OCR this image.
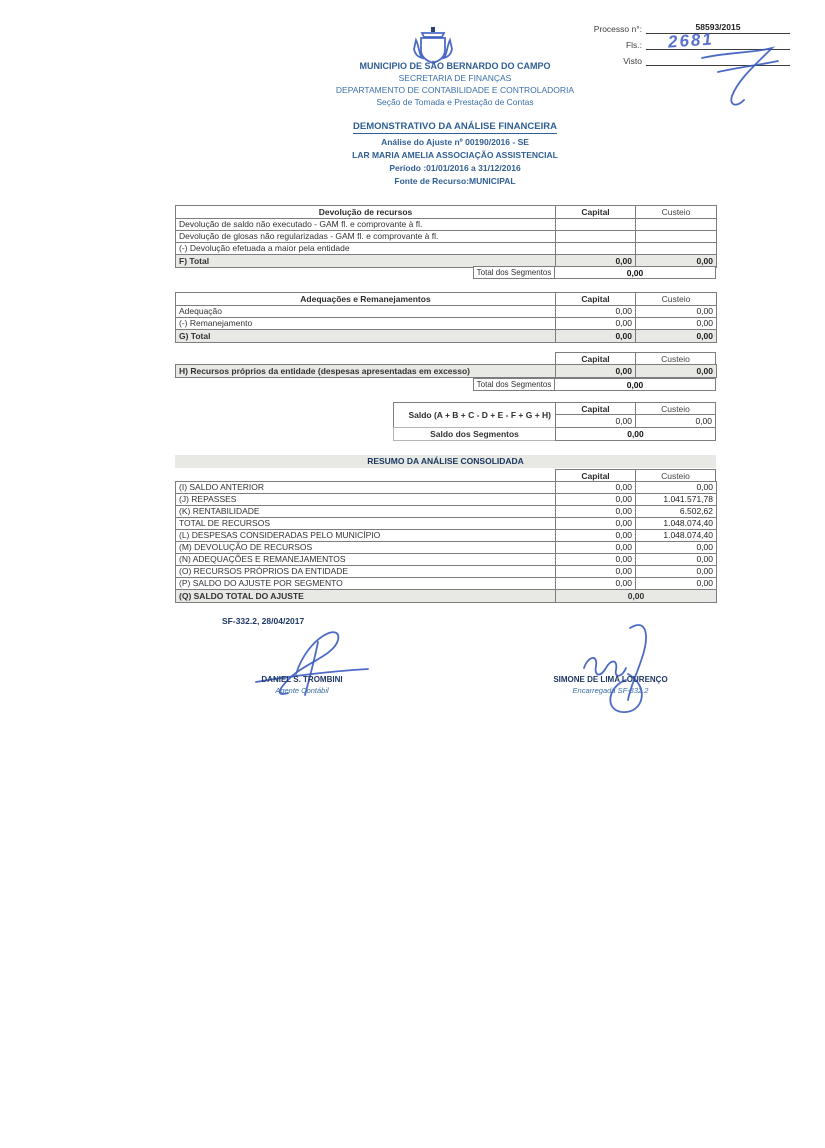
Processo n°:	58593/2015
Fls.:
Visto
2681
MUNICIPIO DE SÃO BERNARDO DO CAMPO
SECRETARIA DE FINANÇAS
DEPARTAMENTO DE CONTABILIDADE E CONTROLADORIA
Seção de Tomada e Prestação de Contas
DEMONSTRATIVO DA ANÁLISE FINANCEIRA
Análise do Ajuste nº 00190/2016 - SE
LAR MARIA AMELIA ASSOCIAÇÃO ASSISTENCIAL
Período :01/01/2016 a 31/12/2016
Fonte de Recurso:MUNICIPAL
Devolução de recursos	Capital	Custeio
Devolução de saldo não executado - GAM fl. e comprovante à fl.		
Devolução de glosas não regularizadas - GAM fl. e comprovante à fl.		
(-) Devolução efetuada a maior pela entidade		
F) Total	0,00	0,00
Total dos Segmentos	0,00
Adequações e Remanejamentos	Capital	Custeio
Adequação	0,00	0,00
(-) Remanejamento	0,00	0,00
G) Total	0,00	0,00
Capital	Custeio
H) Recursos próprios da entidade (despesas apresentadas em excesso)	0,00	0,00
Total dos Segmentos	0,00
Saldo (A + B + C - D + E - F + G + H)
Capital	Custeio
0,00	0,00
Saldo dos Segmentos	0,00
RESUMO DA ANÁLISE CONSOLIDADA
Capital	Custeio
(I) SALDO ANTERIOR	0,00	0,00
(J) REPASSES	0,00	1.041.571,78
(K) RENTABILIDADE	0,00	6.502,62
TOTAL DE RECURSOS	0,00	1.048.074,40
(L) DESPESAS CONSIDERADAS PELO MUNICÍPIO	0,00	1.048.074,40
(M) DEVOLUÇÃO DE RECURSOS	0,00	0,00
(N) ADEQUAÇÕES E REMANEJAMENTOS	0,00	0,00
(O) RECURSOS PRÓPRIOS DA ENTIDADE	0,00	0,00
(P) SALDO DO AJUSTE POR SEGMENTO	0,00	0,00
(Q) SALDO TOTAL DO AJUSTE	0,00	
SF-332.2, 28/04/2017
DANIEL S. TROMBINI
Agente Contábil
SIMONE DE LIMA LOURENÇO
Encarregada SF-332.2
